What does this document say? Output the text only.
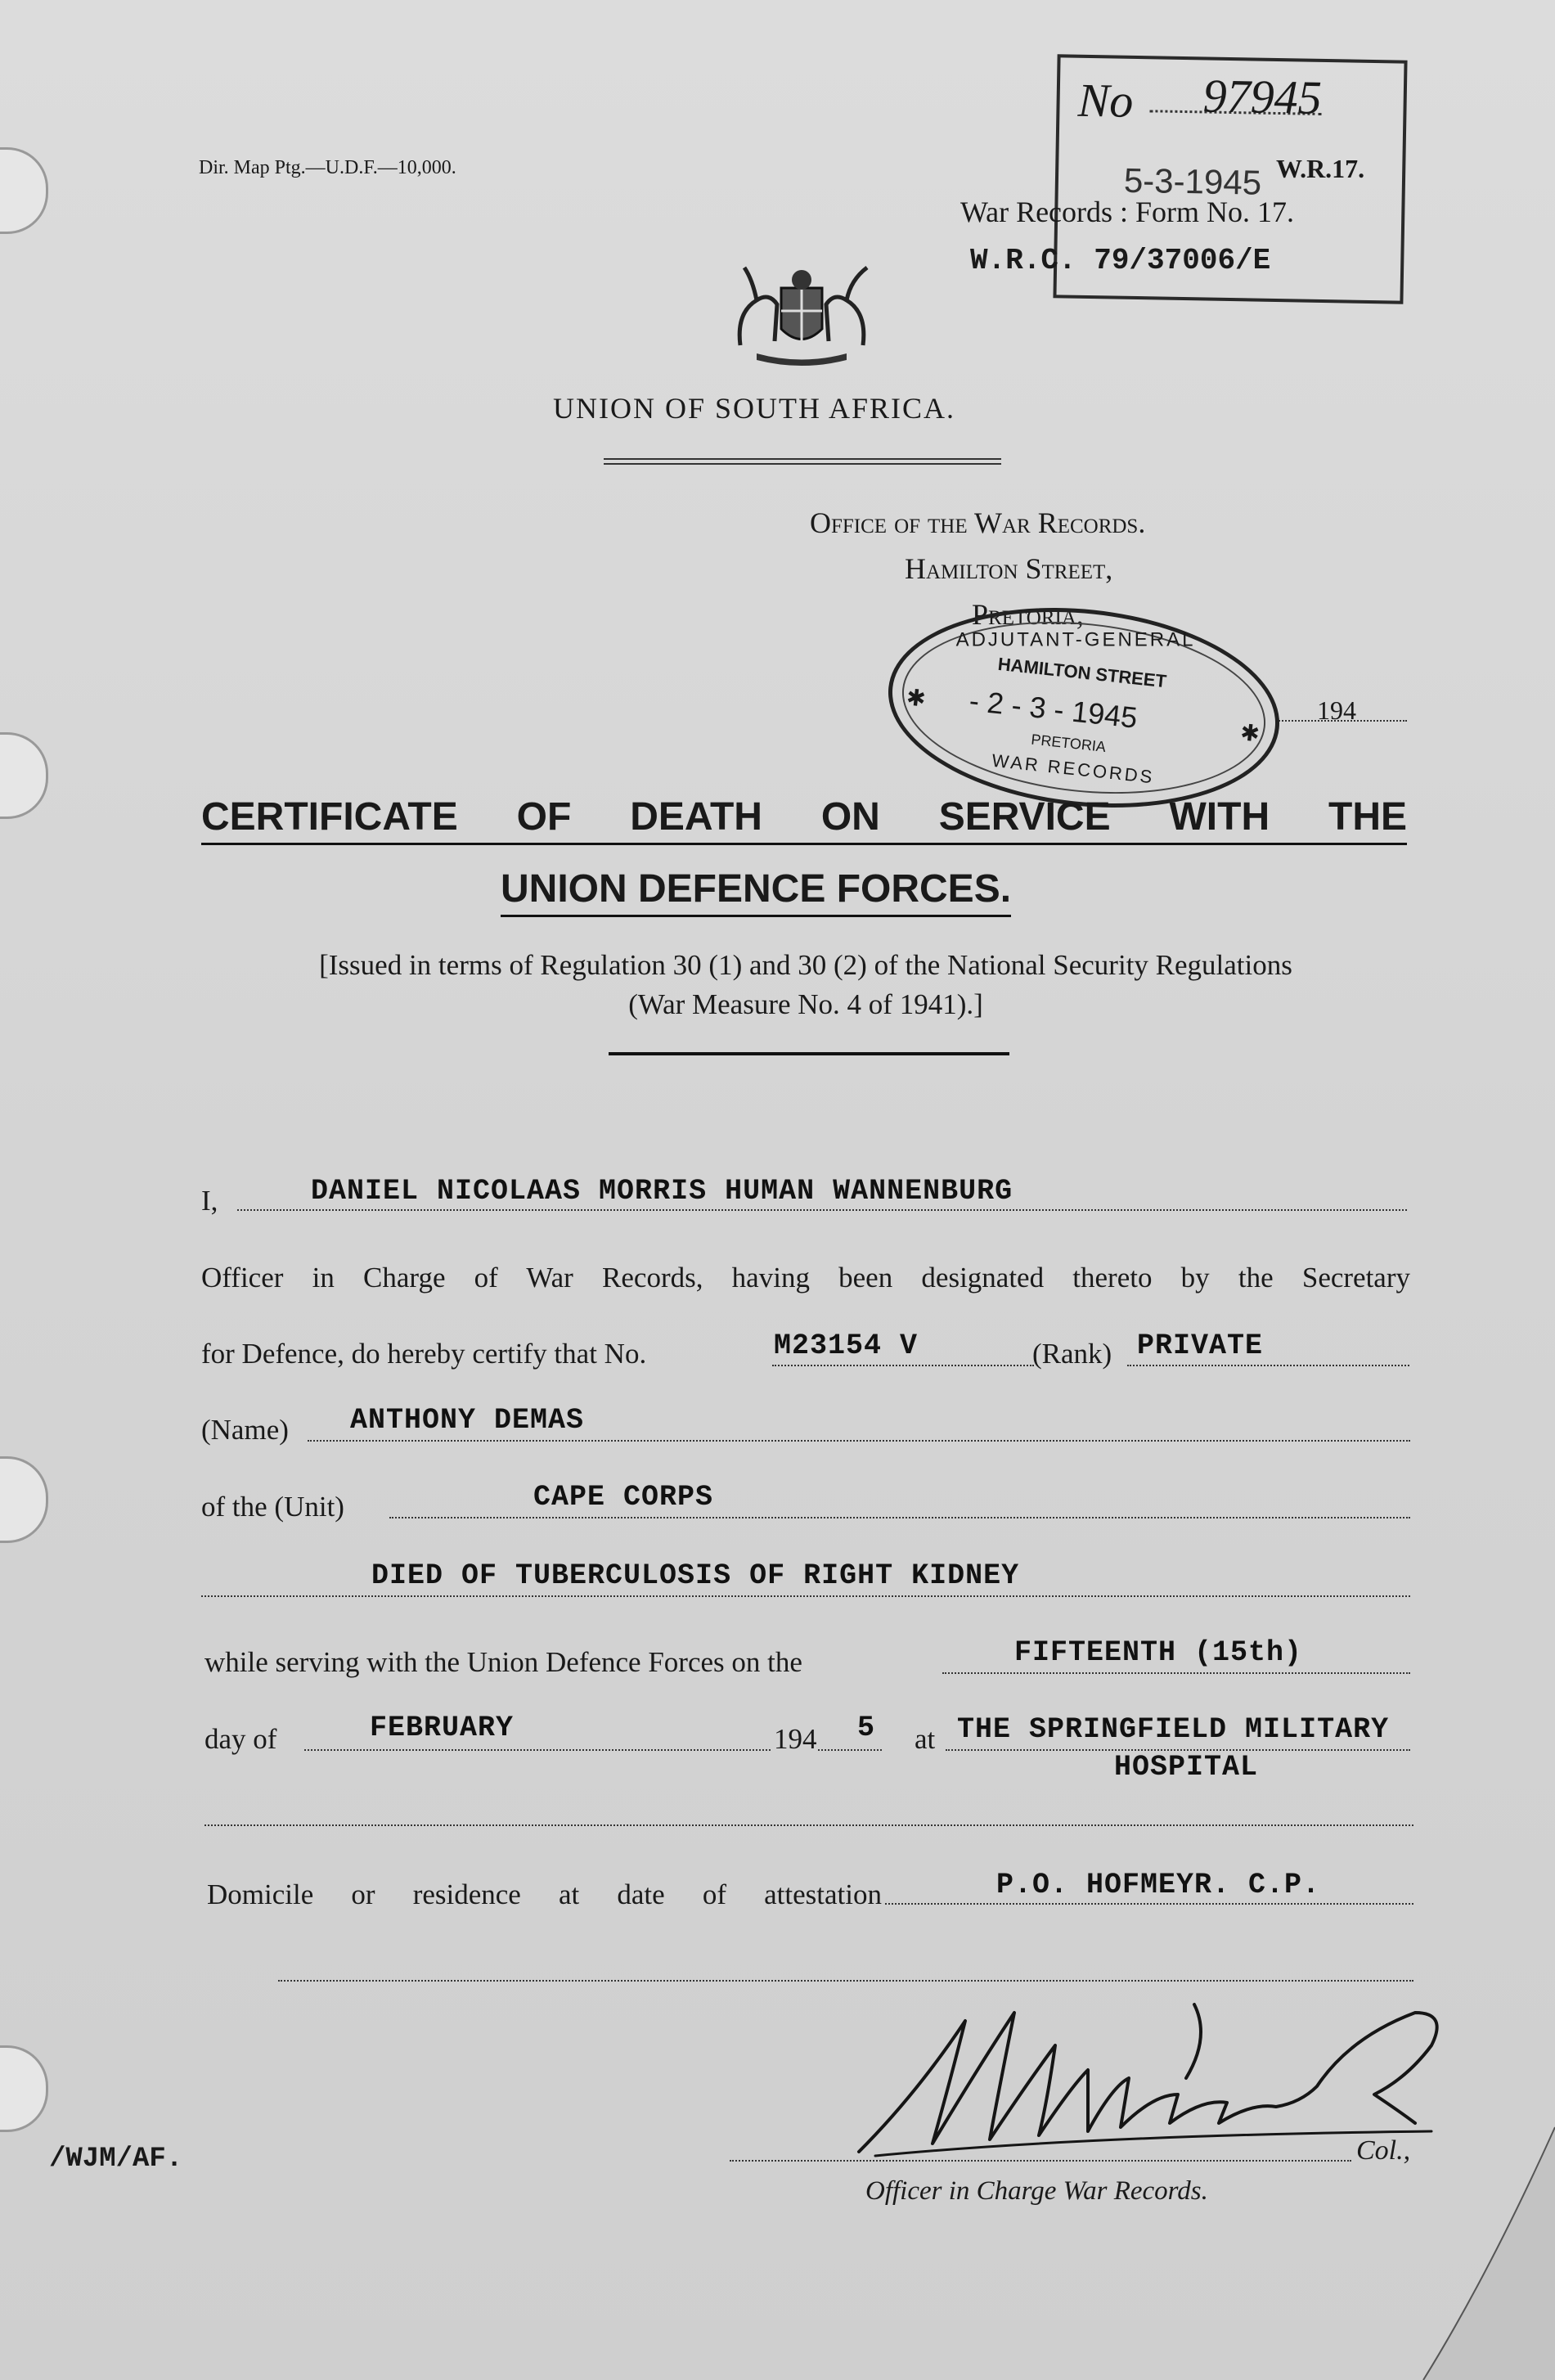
Dir. Map Ptg.—U.D.F.—10,000.
No 97945
5-3-1945 W.R.17.
War Records : Form No. 17.
W.R.C. 79/37006/E
UNION OF SOUTH AFRICA.
Office of the War Records.
Hamilton Street,
Pretoria,
194
ADJUTANT-GENERAL
HAMILTON STREET
- 2 - 3 - 1945
PRETORIA
WAR RECORDS
✱
✱
CERTIFICATE OF DEATH ON SERVICE WITH THE
UNION DEFENCE FORCES.
[Issued in terms of Regulation 30 (1) and 30 (2) of the National Security Regulations
(War Measure No. 4 of 1941).]
I,	DANIEL NICOLAAS MORRIS HUMAN WANNENBURG
Officer in Charge of War Records, having been designated thereto by the Secretary
for Defence, do hereby certify that No.	M23154 V	(Rank) PRIVATE
(Name) ANTHONY DEMAS
of the (Unit)	CAPE CORPS
DIED OF TUBERCULOSIS OF RIGHT KIDNEY
while serving with the Union Defence Forces on the	FIFTEENTH (15th)
day of	FEBRUARY	194 5 at THE SPRINGFIELD MILITARY
HOSPITAL
Domicile or residence at date of attestation	P.O. HOFMEYR. C.P.
Col.,
Officer in Charge War Records.
/WJM/AF.
